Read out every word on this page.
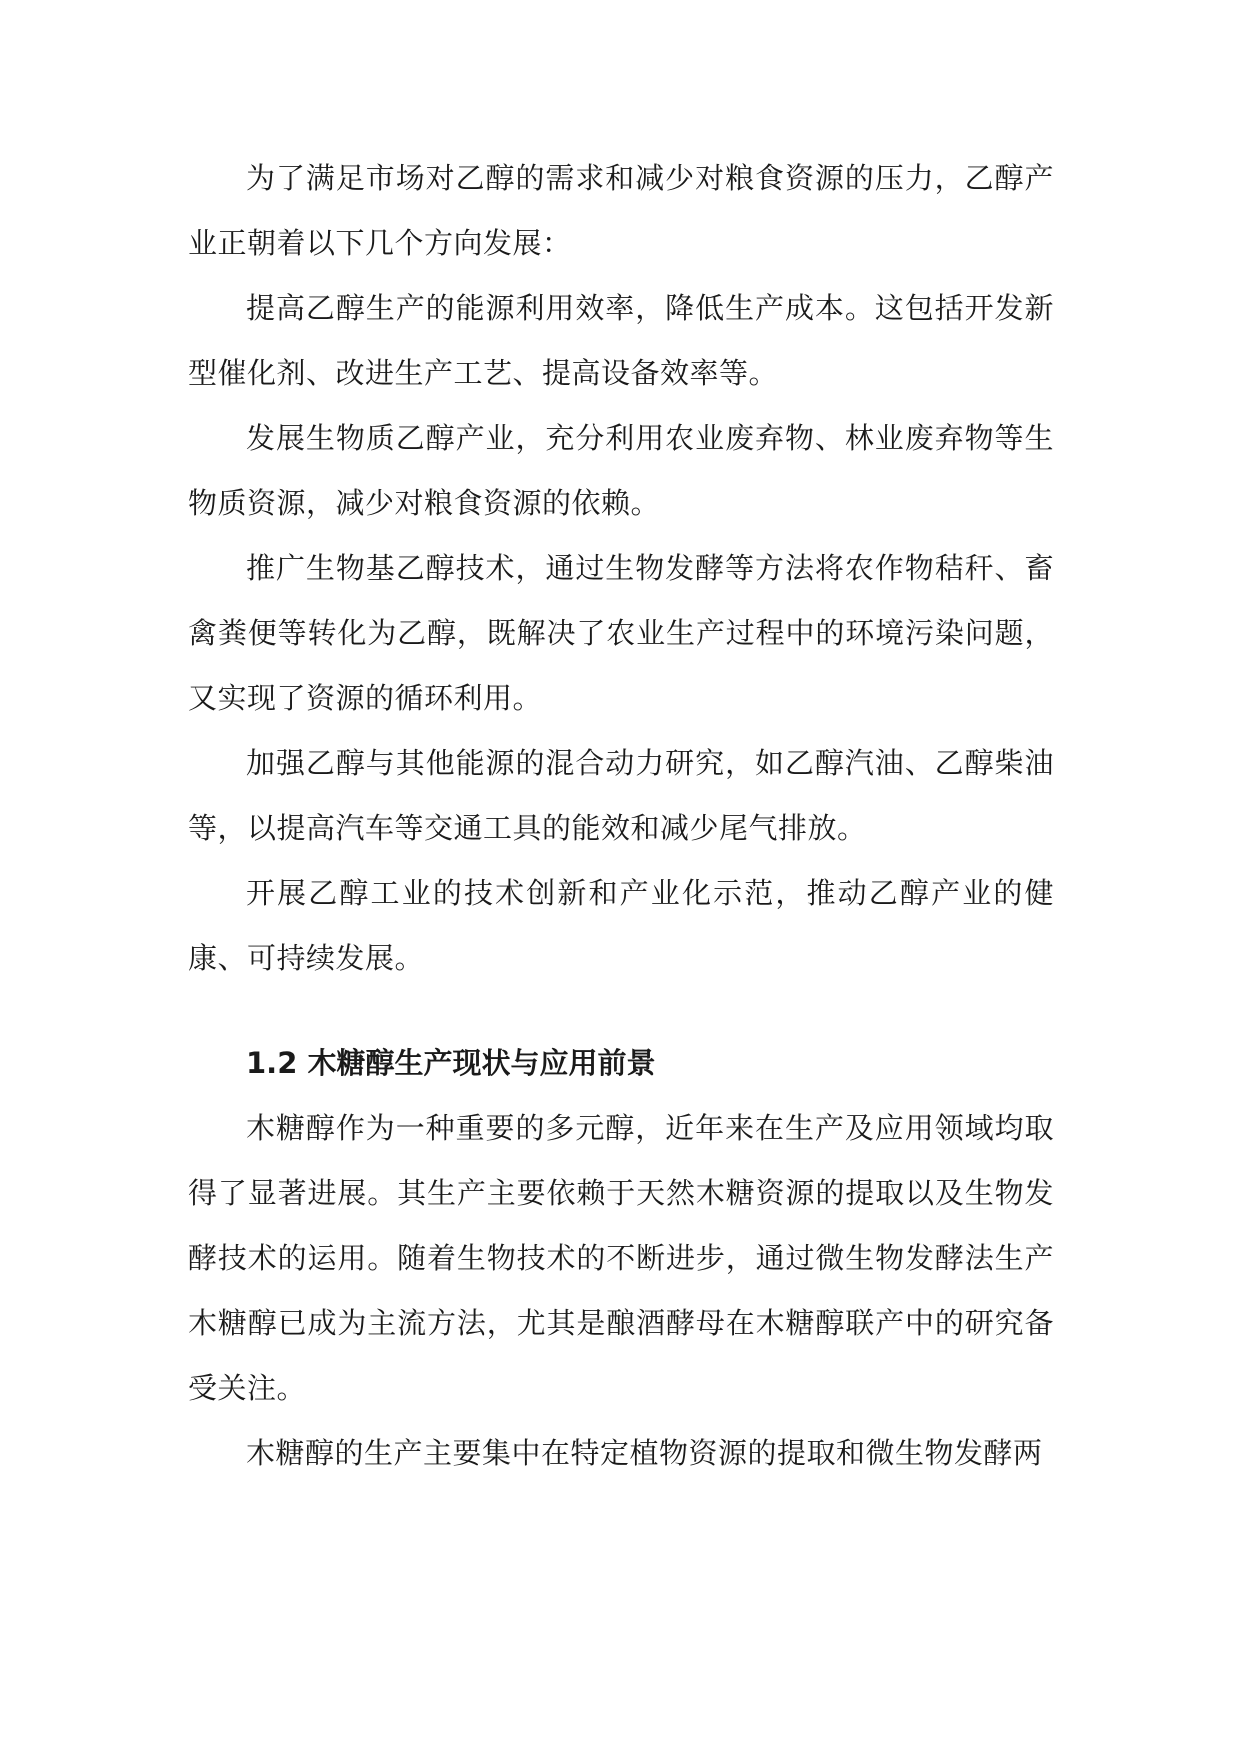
为了满足市场对乙醇的需求和减少对粮食资源的压力，乙醇产业正朝着以下几个方向发展：

提高乙醇生产的能源利用效率，降低生产成本。这包括开发新型催化剂、改进生产工艺、提高设备效率等。

发展生物质乙醇产业，充分利用农业废弃物、林业废弃物等生物质资源，减少对粮食资源的依赖。

推广生物基乙醇技术，通过生物发酵等方法将农作物秸秆、畜禽粪便等转化为乙醇，既解决了农业生产过程中的环境污染问题，又实现了资源的循环利用。

加强乙醇与其他能源的混合动力研究，如乙醇汽油、乙醇柴油等，以提高汽车等交通工具的能效和减少尾气排放。

开展乙醇工业的技术创新和产业化示范，推动乙醇产业的健康、可持续发展。

1.2 木糖醇生产现状与应用前景

木糖醇作为一种重要的多元醇，近年来在生产及应用领域均取得了显著进展。其生产主要依赖于天然木糖资源的提取以及生物发酵技术的运用。随着生物技术的不断进步，通过微生物发酵法生产木糖醇已成为主流方法，尤其是酿酒酵母在木糖醇联产中的研究备受关注。

木糖醇的生产主要集中在特定植物资源的提取和微生物发酵两
